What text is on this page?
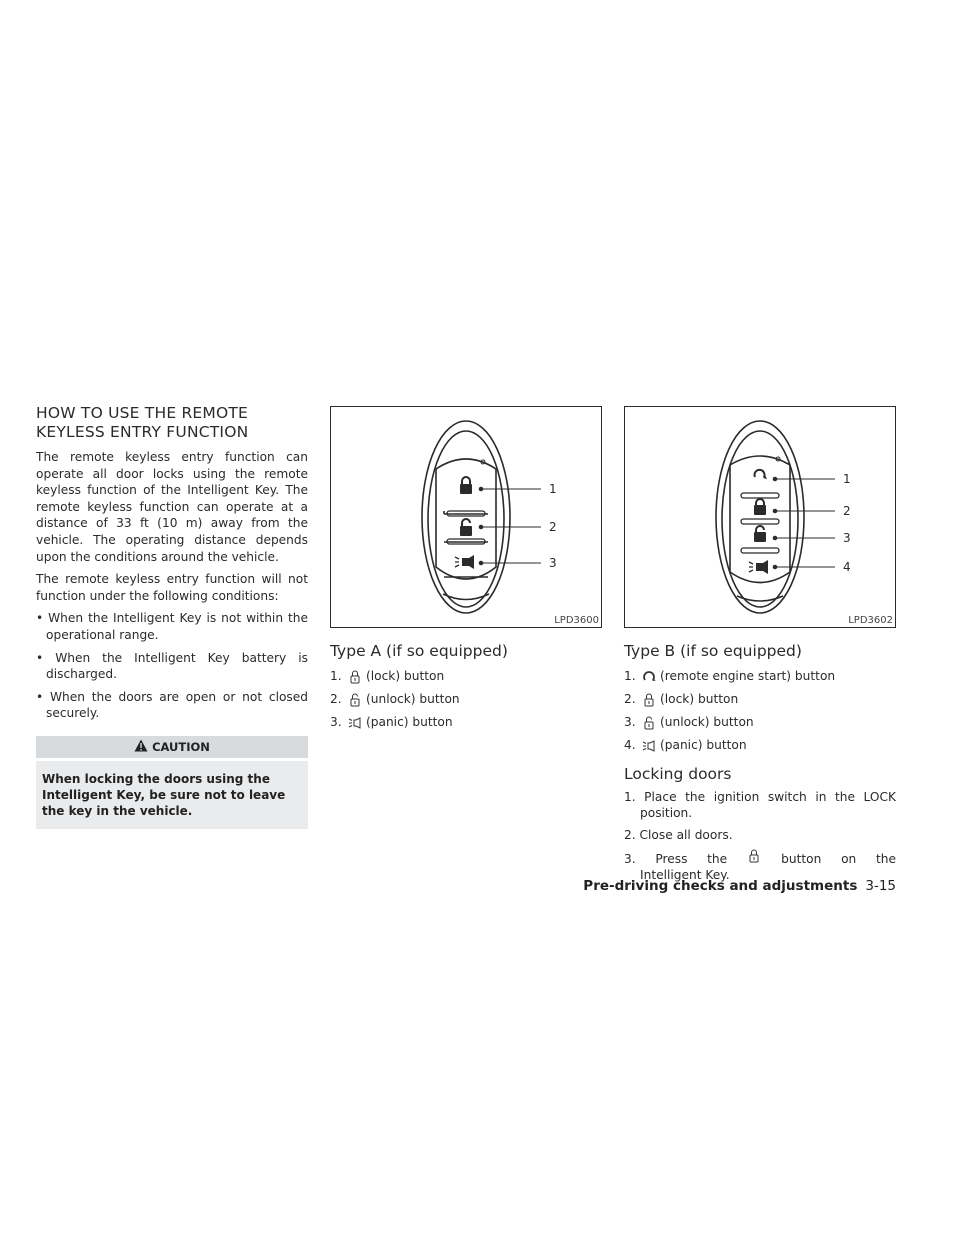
HOW TO USE THE REMOTE
KEYLESS ENTRY FUNCTION

The remote keyless entry function can operate all door locks using the remote keyless function of the Intelligent Key. The remote keyless function can operate at a distance of 33 ft (10 m) away from the vehicle. The operating distance depends upon the conditions around the vehicle.

The remote keyless entry function will not function under the following conditions:

• When the Intelligent Key is not within the operational range.
• When the Intelligent Key battery is discharged.
• When the doors are open or not closed securely.
CAUTION
When locking the doors using the Intelligent Key, be sure not to leave the key in the vehicle.
1
2
3
LPD3600
Type A (if so equipped)
1. (lock) button
2. (unlock) button
3. (panic) button
1
2
3
4
LPD3602
Type B (if so equipped)
1. (remote engine start) button
2. (lock) button
3. (unlock) button
4. (panic) button
Locking doors
1. Place the ignition switch in the LOCK position.
2. Close all doors.
3. Press the	button on the Intelligent Key.
Pre-driving checks and adjustments 3-15
